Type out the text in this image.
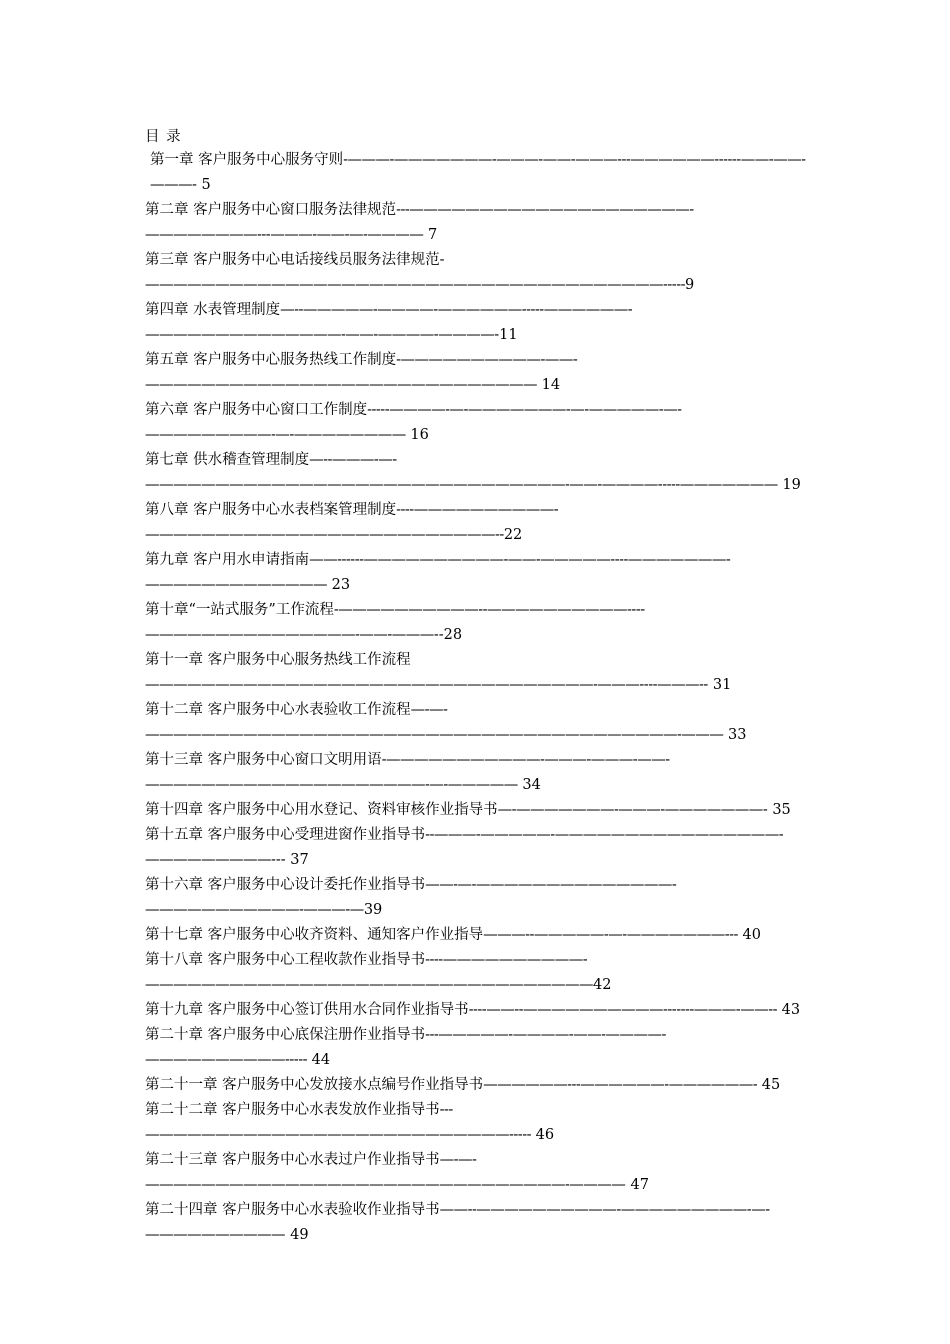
目 录
第一章 客户服务中心服务守则-———-———————-———-——-———---——————------——-——-———- 5
第二章 客户服务中心窗口服务法律规范---————————————————————-————————---———-——-—-———— 7
第三章 客户服务中心电话接线员服务法律规范-—————————————————————————————————————-----9
第四章 水表管理制度—--—————-————-——————-----——————-——————————————-——-————-————-11
第五章 客户服务中心服务热线工作制度-——————————-——-———————————————————————————— 14
第六章 客户服务中心窗口工作制度-----————-—-———————-—-—————-—-—————————-—-———————— 16
第七章 供水稽查管理制度—--———-—-——————————————————————————————-——-————-----——————— 19
第八章 客户服务中心水表档案管理制度----——————————-—————————————————————————--22
第九章 客户用水申请指南——------——————————-——-—————----———————-————————————— 23
第十章“一站式服务”工作流程-——————————--——————————----———————————————-——-———--28
第十一章 客户服务中心服务热线工作流程————————————————————————————————-———----———-- 31
第十二章 客户服务中心水表验收工作流程—-—-——————————————————————————————————————-——— 33
第十三章 客户服务中心窗口文明用语-———————————-———-———-——-————————————————————-—-————— 34
第十四章 客户服务中心用水登记、资料审核作业指导书—-———————-———-———————- 35
第十五章 客户服务中心受理进窗作业指导书--———-—————-————————————————-—————————--- 37
第十六章 客户服务中心设计委托作业指导书——-—-——————————————-———————————-———-—39
第十七章 客户服务中心收齐资料、通知客户作业指导———--—————-—-———————--- 40
第十八章 客户服务中心工程收款作业指导书----——————————-————————————————————————————————42
第十九章 客户服务中心签订供用水合同作业指导书----——--——————————-------———-——-- 43
第二十章 客户服务中心底保注册作业指导书---—————-————-——-————-——————————----- 44
第二十一章 客户服务中心发放接水点编号作业指导书——————---——————-——————- 45
第二十二章 客户服务中心水表发放作业指导书---——————————————————————————----- 46
第二十三章 客户服务中心水表过户作业指导书—-—-——————————————————————————————-———— 47
第二十四章 客户服务中心水表验收作业指导书——--——————————-—————————-—-—————————— 49
